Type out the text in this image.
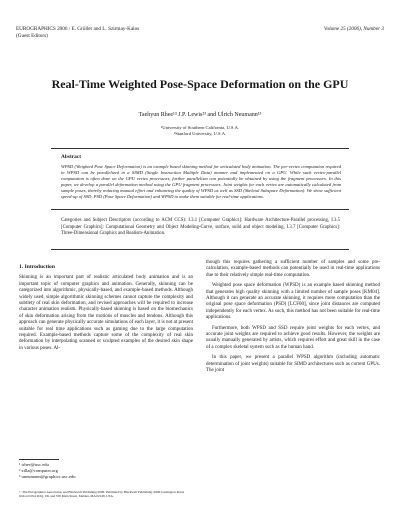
EUROGRAPHICS 2006 / E. Gröller and L. Szirmay-Kalos
(Guest Editors)
Volume 25 (2006), Number 3
Real-Time Weighted Pose-Space Deformation on the GPU
Taehyun Rhee¹³ J.P. Lewis²³ and Ulrich Neumann¹³
¹University of Southern California, U.S.A.
²Stanford University, U.S.A.
Abstract
WPSD (Weighted Pose Space Deformation) is an example based skinning method for articulated body animation. The per-vertex computation required in WPSD can be parallelized in a SIMD (Single Instruction Multiple Data) manner and implemented on a GPU. While such vertex-parallel computation is often done on the GPU vertex processors, further parallelism can potentially be obtained by using the fragment processors. In this paper, we develop a parallel deformation method using the GPU fragment processors. Joint weights for each vertex are automatically calculated from sample poses, thereby reducing manual effort and enhancing the quality of WPSD as well as SSD (Skeletal Subspace Deformation). We show sufficient speed-up of SSD, PSD (Pose Space Deformation) and WPSD to make them suitable for real-time applications.
Categories and Subject Descriptors (according to ACM CCS): I.3.1 [Computer Graphics]: Hardware Architecture-Parallel processing, I.3.5 [Computer Graphics]: Computational Geometry and Object Modeling-Curve, surface, solid and object modeling, I.3.7 [Computer Graphics]: Three-Dimensional Graphics and Realism-Animation.
1. Introduction

Skinning is an important part of realistic articulated body animation and is an important topic of computer graphics and animation. Generally, skinning can be categorized into algorithmic, physically-based, and example-based methods. Although widely used, simple algorithmic skinning schemes cannot capture the complexity and subtlety of real skin deformation, and revised approaches will be required to increase character animation realism. Physically-based skinning is based on the biomechanics of skin deformation arising from the motions of muscles and tendons. Although this approach can generate physically accurate simulations of each layer, it is not at present suitable for real time applications such as gaming due to the large computation required. Example-based methods capture some of the complexity of real skin deformation by interpolating scanned or sculpted examples of the desired skin shape in various poses. Al-

though this requires gathering a sufficient number of samples and some pre-calculation, example-based methods can potentially be used in real-time applications due to their relatively simple real-time computation.

Weighted pose space deformation (WPSD) is an example based skinning method that generates high quality skinning with a limited number of sample poses [KM04]. Although it can generate an accurate skinning, it requires more computation than the original pose space deformation (PSD) [LCF00], since joint distances are computed independently for each vertex. As such, this method has not been suitable for real-time applications.

Furthermore, both WPSD and SSD require joint weights for each vertex, and accurate joint weights are required to achieve good results. However, the weights are usually manually generated by artists, which requires effort and great skill in the case of a complex skeletal system such as the human hand.

In this paper, we present a parallel WPSD algorithm (including automatic determination of joint weights) suitable for SIMD architectures such as current GPUs. The joint

¹ trhee@usc.edu
² zilla@computer.org
³ uneumann@graphics.usc.edu
© The Eurographics Association and Blackwell Publishing 2006. Published by Blackwell Publishing, 9600 Garsington Road, Oxford OX4 2DQ, UK and 350 Main Street, Malden, MA 02148, USA.
